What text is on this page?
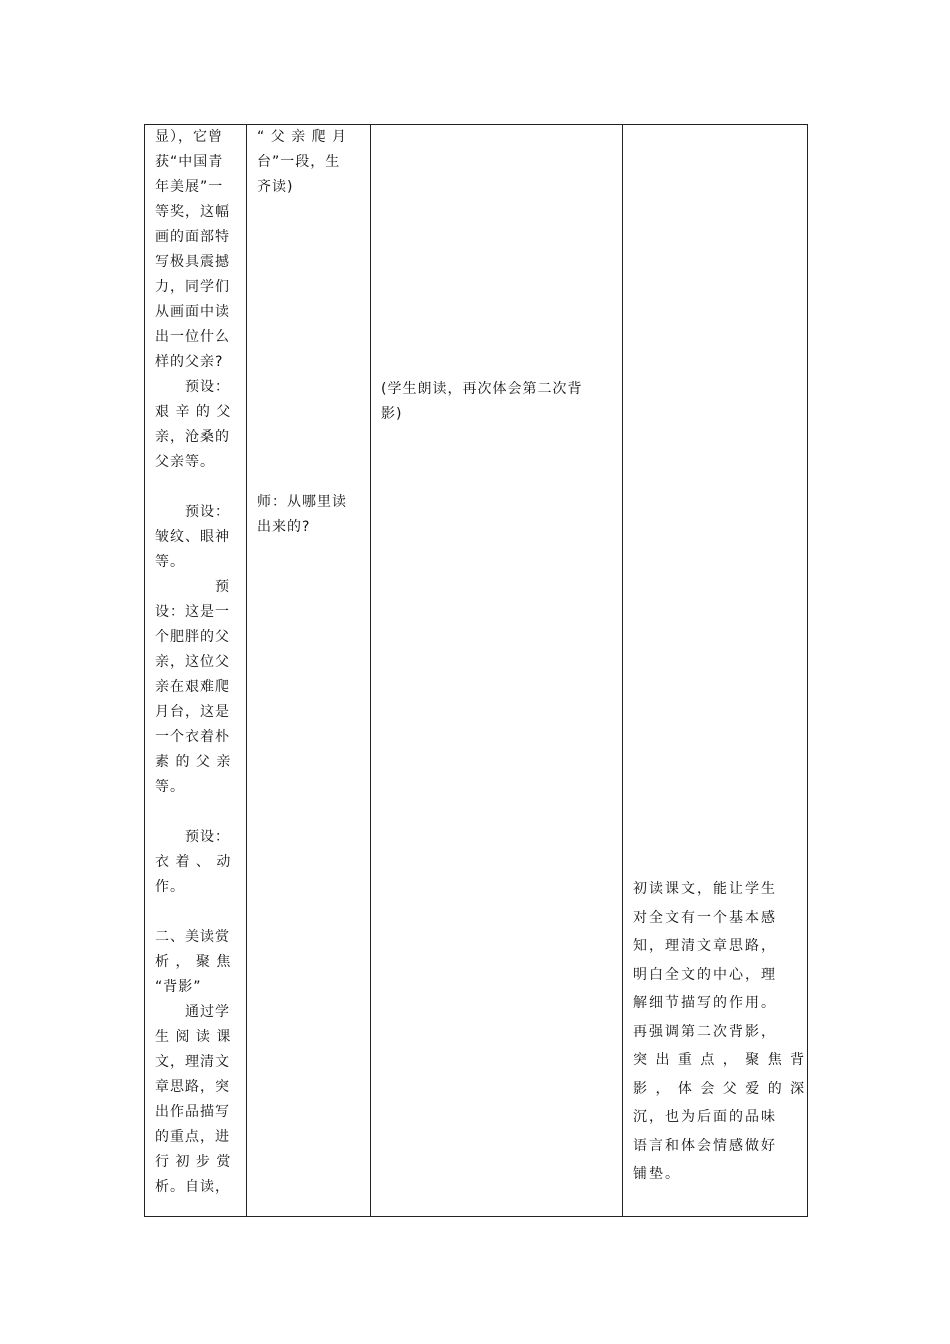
显），它曾

获“中国青

年美展”一

等奖，这幅

画的面部特

写极具震撼

力，同学们

从画面中读

出一位什么

样的父亲?

　　预设：

艰 辛 的 父

亲，沧桑的

父亲等。

　　预设：

皱纹、眼神

等。

　　　　预

设：这是一

个肥胖的父

亲，这位父

亲在艰难爬

月台，这是

一个衣着朴

素 的 父 亲

等。

　　预设：

衣 着 、 动

作。

二、美读赏

析 ， 聚 焦

“背影”

　　通过学

生 阅 读 课

文，理清文

章思路，突

出作品描写

的重点，进

行 初 步 赏

析。自读，

“ 父 亲 爬 月

台”一段，生

齐读)

师：从哪里读

出来的?

(学生朗读，再次体会第二次背

影)

初读课文，能让学生

对全文有一个基本感

知，理清文章思路，

明白全文的中心，理

解细节描写的作用。

再强调第二次背影，

突 出 重 点 ， 聚 焦 背

影 ， 体 会 父 爱 的 深

沉，也为后面的品味

语言和体会情感做好

铺垫。
